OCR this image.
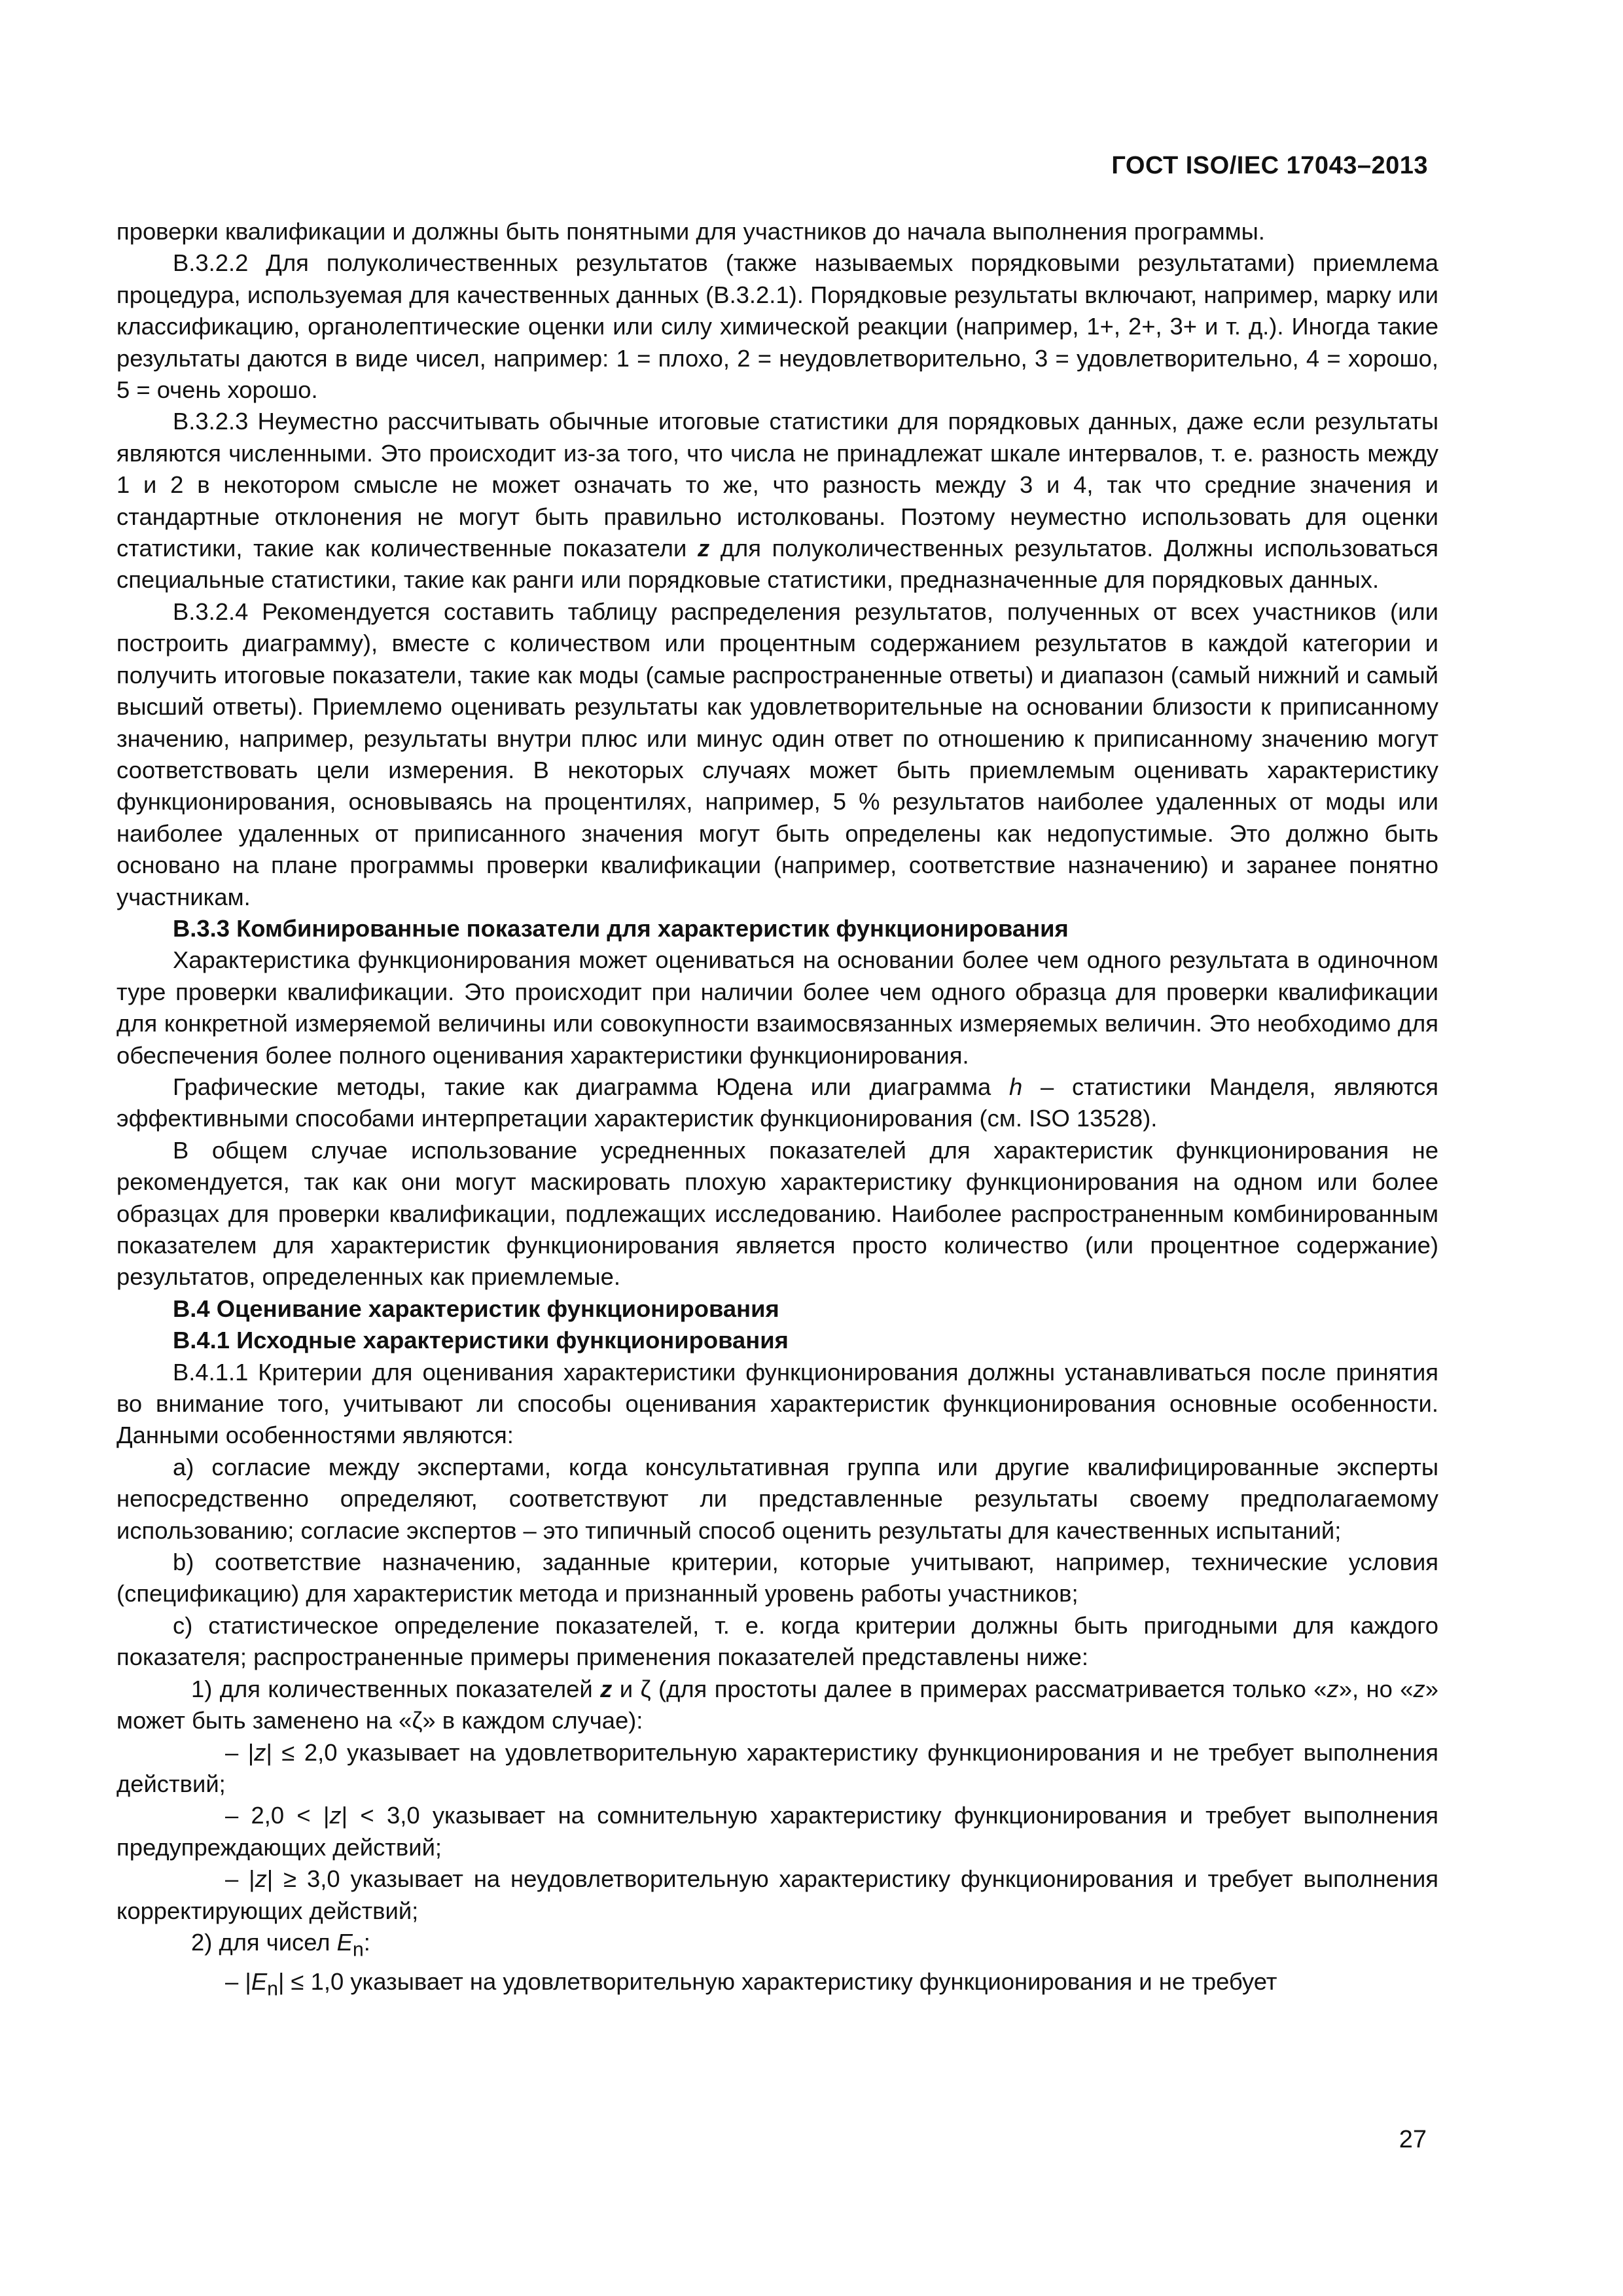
ГОСТ ISO/IEC 17043–2013

проверки квалификации и должны быть понятными для участников до начала выполнения программы.

В.3.2.2 Для полуколичественных результатов (также называемых порядковыми результатами) приемлема процедура, используемая для качественных данных (В.3.2.1). Порядковые результаты включают, например, марку или классификацию, органолептические оценки или силу химической реакции (например, 1+, 2+, 3+ и т. д.). Иногда такие результаты даются в виде чисел, например: 1 = плохо, 2 = неудовлетворительно, 3 = удовлетворительно, 4 = хорошо, 5 = очень хорошо.

В.3.2.3 Неуместно рассчитывать обычные итоговые статистики для порядковых данных, даже если результаты являются численными. Это происходит из-за того, что числа не принадлежат шкале интервалов, т. е. разность между 1 и 2 в некотором смысле не может означать то же, что разность между 3 и 4, так что средние значения и стандартные отклонения не могут быть правильно истолкованы. Поэтому неуместно использовать для оценки статистики, такие как количественные показатели z для полуколичественных результатов. Должны использоваться специальные статистики, такие как ранги или порядковые статистики, предназначенные для порядковых данных.

В.3.2.4 Рекомендуется составить таблицу распределения результатов, полученных от всех участников (или построить диаграмму), вместе с количеством или процентным содержанием результатов в каждой категории и получить итоговые показатели, такие как моды (самые распространенные ответы) и диапазон (самый нижний и самый высший ответы). Приемлемо оценивать результаты как удовлетворительные на основании близости к приписанному значению, например, результаты внутри плюс или минус один ответ по отношению к приписанному значению могут соответствовать цели измерения. В некоторых случаях может быть приемлемым оценивать характеристику функционирования, основываясь на процентилях, например, 5 % результатов наиболее удаленных от моды или наиболее удаленных от приписанного значения могут быть определены как недопустимые. Это должно быть основано на плане программы проверки квалификации (например, соответствие назначению) и заранее понятно участникам.

В.3.3 Комбинированные показатели для характеристик функционирования

Характеристика функционирования может оцениваться на основании более чем одного результата в одиночном туре проверки квалификации. Это происходит при наличии более чем одного образца для проверки квалификации для конкретной измеряемой величины или совокупности взаимосвязанных измеряемых величин. Это необходимо для обеспечения более полного оценивания характеристики функционирования.

Графические методы, такие как диаграмма Юдена или диаграмма h – статистики Манделя, являются эффективными способами интерпретации характеристик функционирования (см. ISO 13528).

В общем случае использование усредненных показателей для характеристик функционирования не рекомендуется, так как они могут маскировать плохую характеристику функционирования на одном или более образцах для проверки квалификации, подлежащих исследованию. Наиболее распространенным комбинированным показателем для характеристик функционирования является просто количество (или процентное содержание) результатов, определенных как приемлемые.

В.4 Оценивание характеристик функционирования

В.4.1 Исходные характеристики функционирования

В.4.1.1 Критерии для оценивания характеристики функционирования должны устанавливаться после принятия во внимание того, учитывают ли способы оценивания характеристик функционирования основные особенности. Данными особенностями являются:

а) согласие между экспертами, когда консультативная группа или другие квалифицированные эксперты непосредственно определяют, соответствуют ли представленные результаты своему предполагаемому использованию; согласие экспертов – это типичный способ оценить результаты для качественных испытаний;

b) соответствие назначению, заданные критерии, которые учитывают, например, технические условия (спецификацию) для характеристик метода и признанный уровень работы участников;

с) статистическое определение показателей, т. е. когда критерии должны быть пригодными для каждого показателя; распространенные примеры применения показателей представлены ниже:

1) для количественных показателей z и ζ (для простоты далее в примерах рассматривается только «z», но «z» может быть заменено на «ζ» в каждом случае):

– |z| ≤ 2,0 указывает на удовлетворительную характеристику функционирования и не требует выполнения действий;

– 2,0 < |z| < 3,0 указывает на сомнительную характеристику функционирования и требует выполнения предупреждающих действий;

– |z| ≥ 3,0 указывает на неудовлетворительную характеристику функционирования и требует выполнения корректирующих действий;

2) для чисел $E_n$:

– $|E_n| \le 1,0$ указывает на удовлетворительную характеристику функционирования и не требует

27
